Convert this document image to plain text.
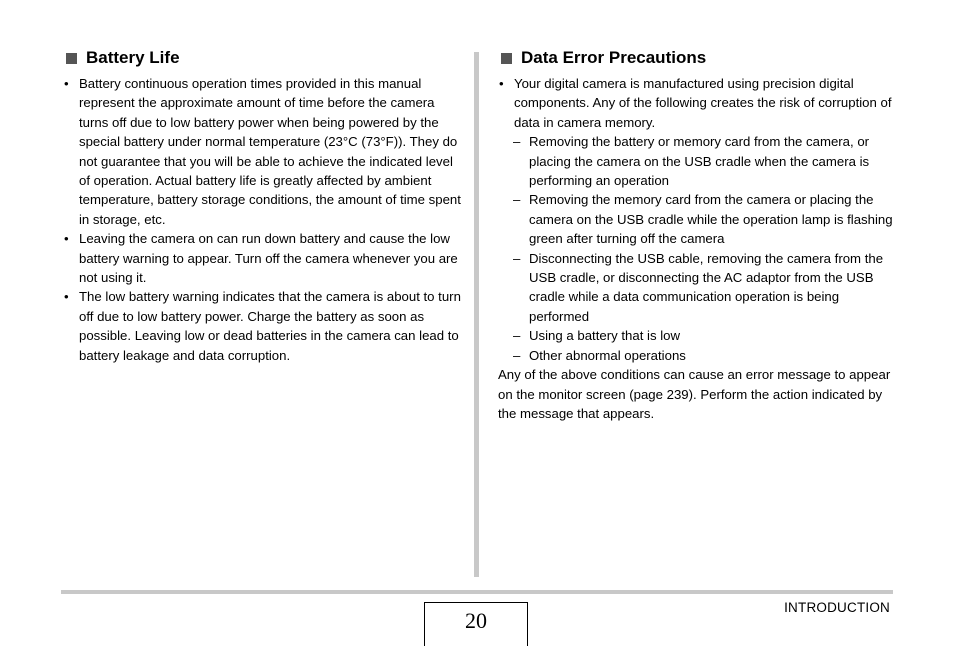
Battery Life
• Battery continuous operation times provided in this manual represent the approximate amount of time before the camera turns off due to low battery power when being powered by the special battery under normal temperature (23°C (73°F)). They do not guarantee that you will be able to achieve the indicated level of operation. Actual battery life is greatly affected by ambient temperature, battery storage conditions, the amount of time spent in storage, etc.
• Leaving the camera on can run down battery and cause the low battery warning to appear. Turn off the camera whenever you are not using it.
• The low battery warning indicates that the camera is about to turn off due to low battery power. Charge the battery as soon as possible. Leaving low or dead batteries in the camera can lead to battery leakage and data corruption.
Data Error Precautions
• Your digital camera is manufactured using precision digital components. Any of the following creates the risk of corruption of data in camera memory.
– Removing the battery or memory card from the camera, or placing the camera on the USB cradle when the camera is performing an operation
– Removing the memory card from the camera or placing the camera on the USB cradle while the operation lamp is flashing green after turning off the camera
– Disconnecting the USB cable, removing the camera from the USB cradle, or disconnecting the AC adaptor from the USB cradle while a data communication operation is being performed
– Using a battery that is low
– Other abnormal operations

Any of the above conditions can cause an error message to appear on the monitor screen (page 239). Perform the action indicated by the message that appears.

INTRODUCTION
20
